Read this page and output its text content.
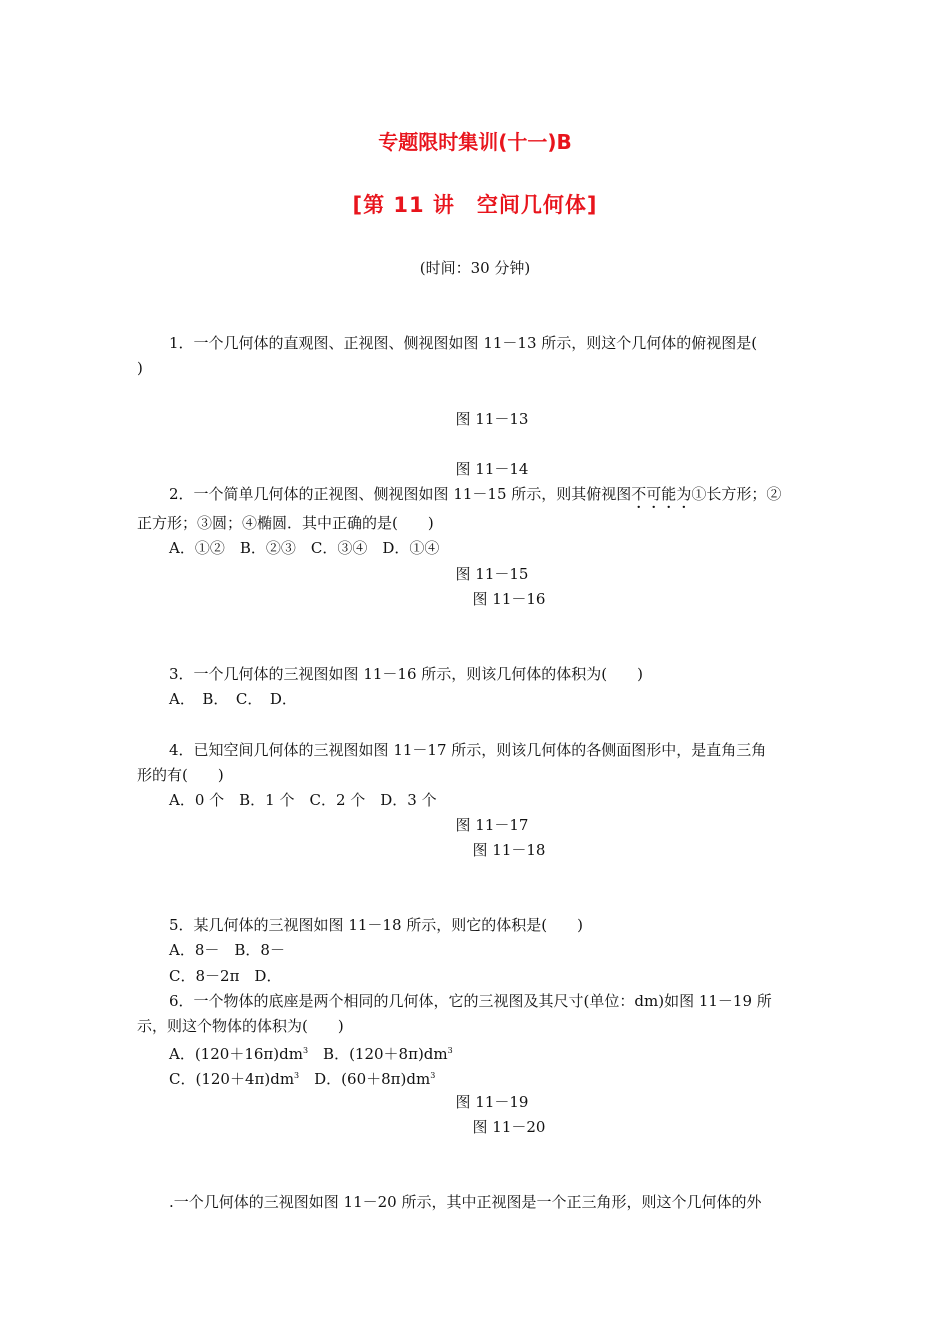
专题限时集训(十一)B
[第 11 讲　空间几何体]
(时间：30 分钟)
1．一个几何体的直观图、正视图、侧视图如图 11－13 所示，则这个几何体的俯视图是(
)
图 11－13
图 11－14
2．一个简单几何体的正视图、侧视图如图 11－15 所示，则其俯视图不可能为①长方形；②
正方形；③圆；④椭圆．其中正确的是(　　)
A．①②　B．②③　C．③④　D．①④
图 11－15
图 11－16
3．一个几何体的三视图如图 11－16 所示，则该几何体的体积为(　　)
A．　B．　C．　D．
4．已知空间几何体的三视图如图 11－17 所示，则该几何体的各侧面图形中，是直角三角
形的有(　　)
A．0 个　B．1 个　C．2 个　D．3 个
图 11－17
图 11－18
5．某几何体的三视图如图 11－18 所示，则它的体积是(　　)
A．8－　B．8－
C．8－2π　D．
6．一个物体的底座是两个相同的几何体，它的三视图及其尺寸(单位：dm)如图 11－19 所
示，则这个物体的体积为(　　)
A．$(120+16\pi)dm^3$　B．$(120+8\pi)dm^3$
C．$(120+4\pi)dm^3$　D．$(60+8\pi)dm^3$
图 11－19
图 11－20
.一个几何体的三视图如图 11－20 所示，其中正视图是一个正三角形，则这个几何体的外
